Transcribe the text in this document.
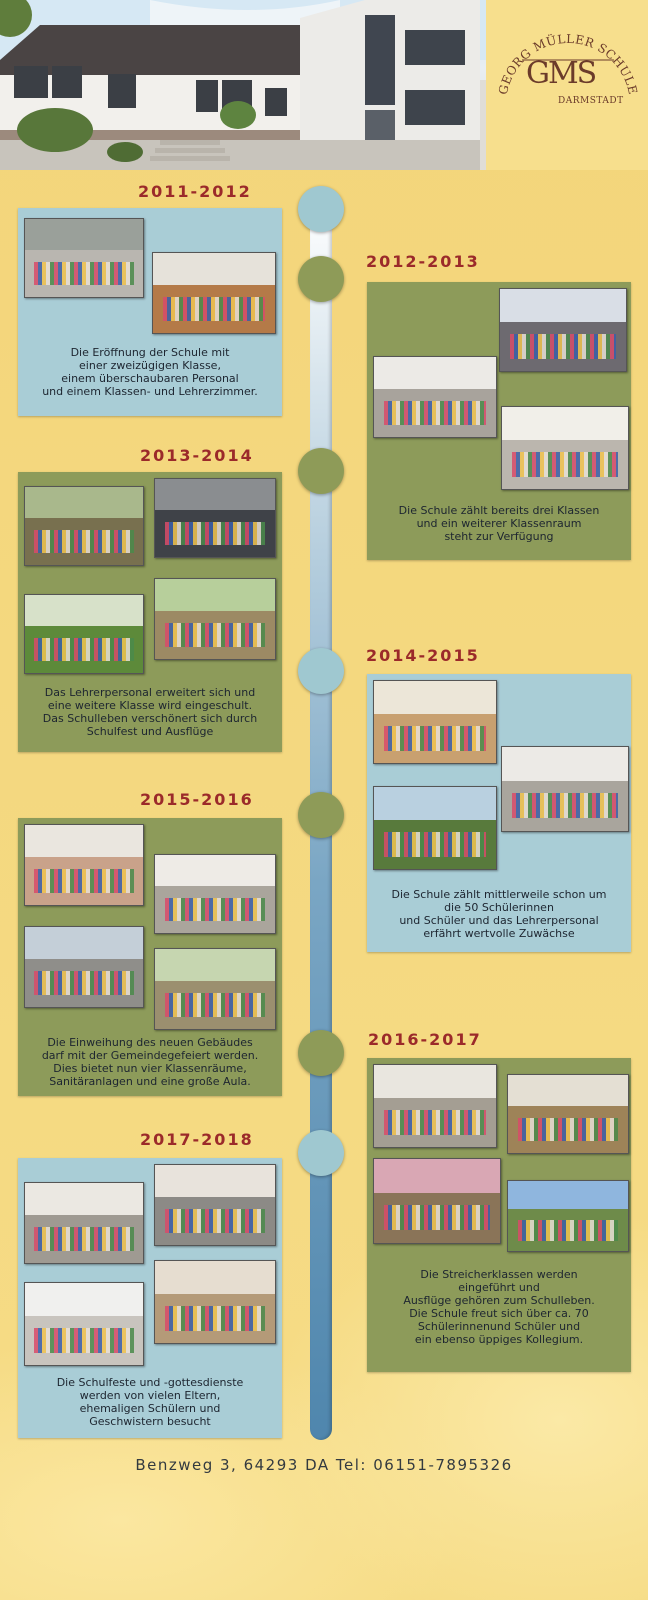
GEORG MÜLLER SCHULE
GMS
DARMSTADT
2011-2012
Die Eröffnung der Schule mit
einer zweizügigen Klasse,
einem überschaubaren Personal
und einem Klassen- und Lehrerzimmer.
2012-2013
Die Schule zählt bereits drei Klassen
und ein weiterer Klassenraum
steht zur Verfügung
2013-2014
Das Lehrerpersonal erweitert sich und
eine weitere Klasse wird eingeschult.
Das Schulleben verschönert sich durch
Schulfest und Ausflüge
2014-2015
Die Schule zählt mittlerweile schon um
die 50 Schülerinnen
und Schüler und das Lehrerpersonal
erfährt wertvolle Zuwächse
2015-2016
Die Einweihung des neuen Gebäudes
darf mit der Gemeindegefeiert werden.
Dies bietet nun vier Klassenräume,
Sanitäranlagen und eine große Aula.
2016-2017
Die Streicherklassen werden
eingeführt und
Ausflüge gehören zum Schulleben.
Die Schule freut sich über ca. 70
Schülerinnenund Schüler und
ein ebenso üppiges Kollegium.
2017-2018
Die Schulfeste und -gottesdienste
werden von vielen Eltern,
ehemaligen Schülern und
Geschwistern besucht
Benzweg 3, 64293 DA Tel: 06151-7895326
